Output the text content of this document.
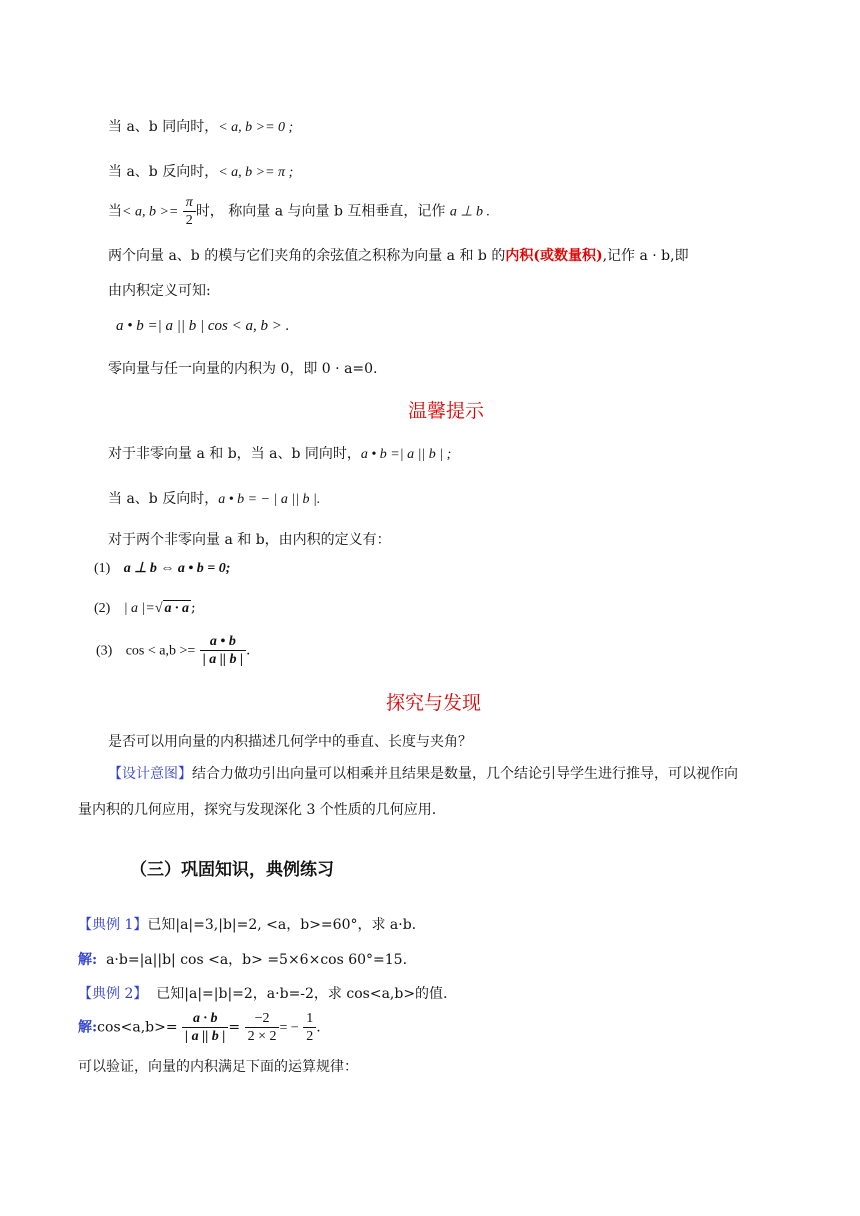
当 a、b 同向时，< a, b >= 0 ;
当 a、b 反向时，< a, b >= π ;
当< a, $b >= \frac{\pi}{2}$ 时， 称向量 a 与向量 b 互相垂直，记作 a ⊥ b .
两个向量 a、b 的模与它们夹角的余弦值之积称为向量 a 和 b 的内积(或数量积),记作 a · b,即
由内积定义可知:
a • b =| a || b | cos < a, b > .
零向量与任一向量的内积为 0，即 0 · a=0.
温馨提示
对于非零向量 a 和 b，当 a、b 同向时，a • b =| a || b | ;
当 a、b 反向时，a • b = − | a || b |.
对于两个非零向量 a 和 b，由内积的定义有：
(1) a ⊥ b ⇔ a • b = 0;
(2) | a |=√ a · a ;
(3) $\cos < a,b >= \frac{a • b}{| a || b |}$ .
探究与发现
是否可以用向量的内积描述几何学中的垂直、长度与夹角？
【设计意图】结合力做功引出向量可以相乘并且结果是数量，几个结论引导学生进行推导，可以视作向
量内积的几何应用，探究与发现深化 3 个性质的几何应用.
（三）巩固知识，典例练习
【典例 1】已知|a|=3,|b|=2, <a，b>=60°，求 a·b.
解: a·b=|a||b| cos <a，b> =5×6×cos 60°=15.
【典例 2】 已知|a|=|b|=2，a·b=-2，求 cos<a,b>的值.
解:cos<a,b>= $\frac{a \cdot b}{| a || b |} = \frac{-2}{2 \times 2}$ = − $\frac{1}{2}$ .
可以验证，向量的内积满足下面的运算规律：
